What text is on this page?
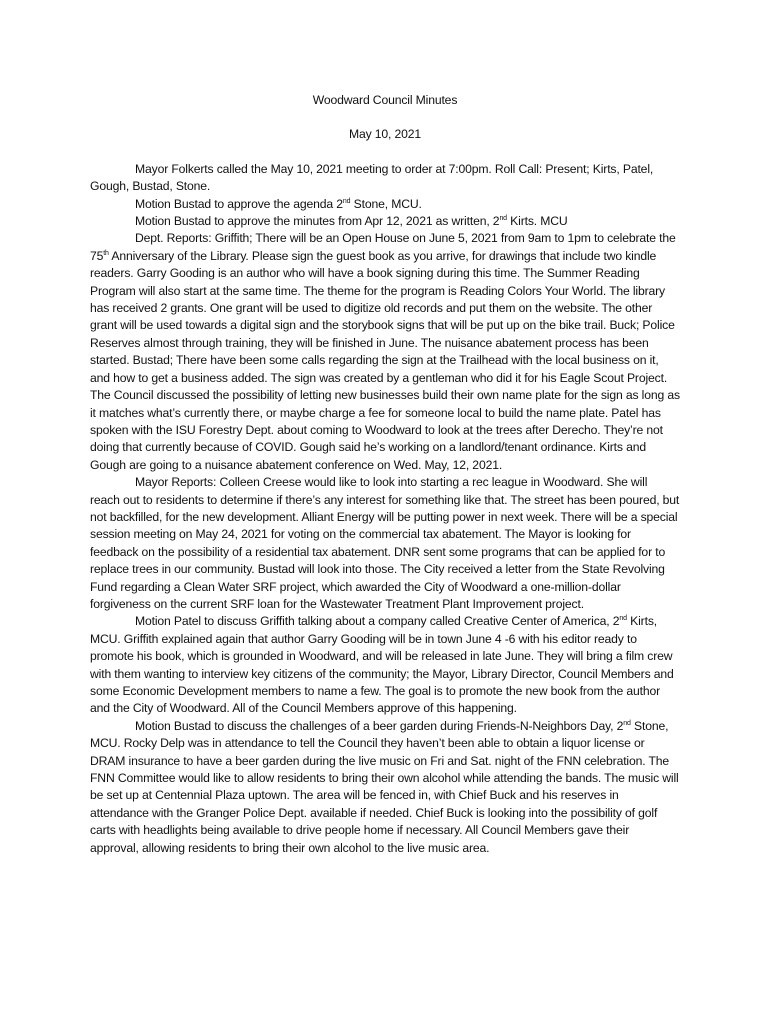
Woodward Council Minutes

May 10, 2021

Mayor Folkerts called the May 10, 2021 meeting to order at 7:00pm. Roll Call: Present; Kirts, Patel, Gough, Bustad, Stone.

Motion Bustad to approve the agenda 2nd Stone, MCU.

Motion Bustad to approve the minutes from Apr 12, 2021 as written, 2nd Kirts. MCU

Dept. Reports: Griffith; There will be an Open House on June 5, 2021 from 9am to 1pm to celebrate the 75th Anniversary of the Library. Please sign the guest book as you arrive, for drawings that include two kindle readers. Garry Gooding is an author who will have a book signing during this time. The Summer Reading Program will also start at the same time. The theme for the program is Reading Colors Your World. The library has received 2 grants. One grant will be used to digitize old records and put them on the website. The other grant will be used towards a digital sign and the storybook signs that will be put up on the bike trail. Buck; Police Reserves almost through training, they will be finished in June. The nuisance abatement process has been started. Bustad; There have been some calls regarding the sign at the Trailhead with the local business on it, and how to get a business added. The sign was created by a gentleman who did it for his Eagle Scout Project. The Council discussed the possibility of letting new businesses build their own name plate for the sign as long as it matches what’s currently there, or maybe charge a fee for someone local to build the name plate. Patel has spoken with the ISU Forestry Dept. about coming to Woodward to look at the trees after Derecho. They’re not doing that currently because of COVID. Gough said he’s working on a landlord/tenant ordinance. Kirts and Gough are going to a nuisance abatement conference on Wed. May, 12, 2021.

Mayor Reports: Colleen Creese would like to look into starting a rec league in Woodward. She will reach out to residents to determine if there’s any interest for something like that. The street has been poured, but not backfilled, for the new development. Alliant Energy will be putting power in next week. There will be a special session meeting on May 24, 2021 for voting on the commercial tax abatement. The Mayor is looking for feedback on the possibility of a residential tax abatement. DNR sent some programs that can be applied for to replace trees in our community. Bustad will look into those. The City received a letter from the State Revolving Fund regarding a Clean Water SRF project, which awarded the City of Woodward a one-million-dollar forgiveness on the current SRF loan for the Wastewater Treatment Plant Improvement project.

Motion Patel to discuss Griffith talking about a company called Creative Center of America, 2nd Kirts, MCU. Griffith explained again that author Garry Gooding will be in town June 4 -6 with his editor ready to promote his book, which is grounded in Woodward, and will be released in late June. They will bring a film crew with them wanting to interview key citizens of the community; the Mayor, Library Director, Council Members and some Economic Development members to name a few. The goal is to promote the new book from the author and the City of Woodward. All of the Council Members approve of this happening.

Motion Bustad to discuss the challenges of a beer garden during Friends-N-Neighbors Day, 2nd Stone, MCU. Rocky Delp was in attendance to tell the Council they haven’t been able to obtain a liquor license or DRAM insurance to have a beer garden during the live music on Fri and Sat. night of the FNN celebration. The FNN Committee would like to allow residents to bring their own alcohol while attending the bands. The music will be set up at Centennial Plaza uptown. The area will be fenced in, with Chief Buck and his reserves in attendance with the Granger Police Dept. available if needed. Chief Buck is looking into the possibility of golf carts with headlights being available to drive people home if necessary. All Council Members gave their approval, allowing residents to bring their own alcohol to the live music area.
